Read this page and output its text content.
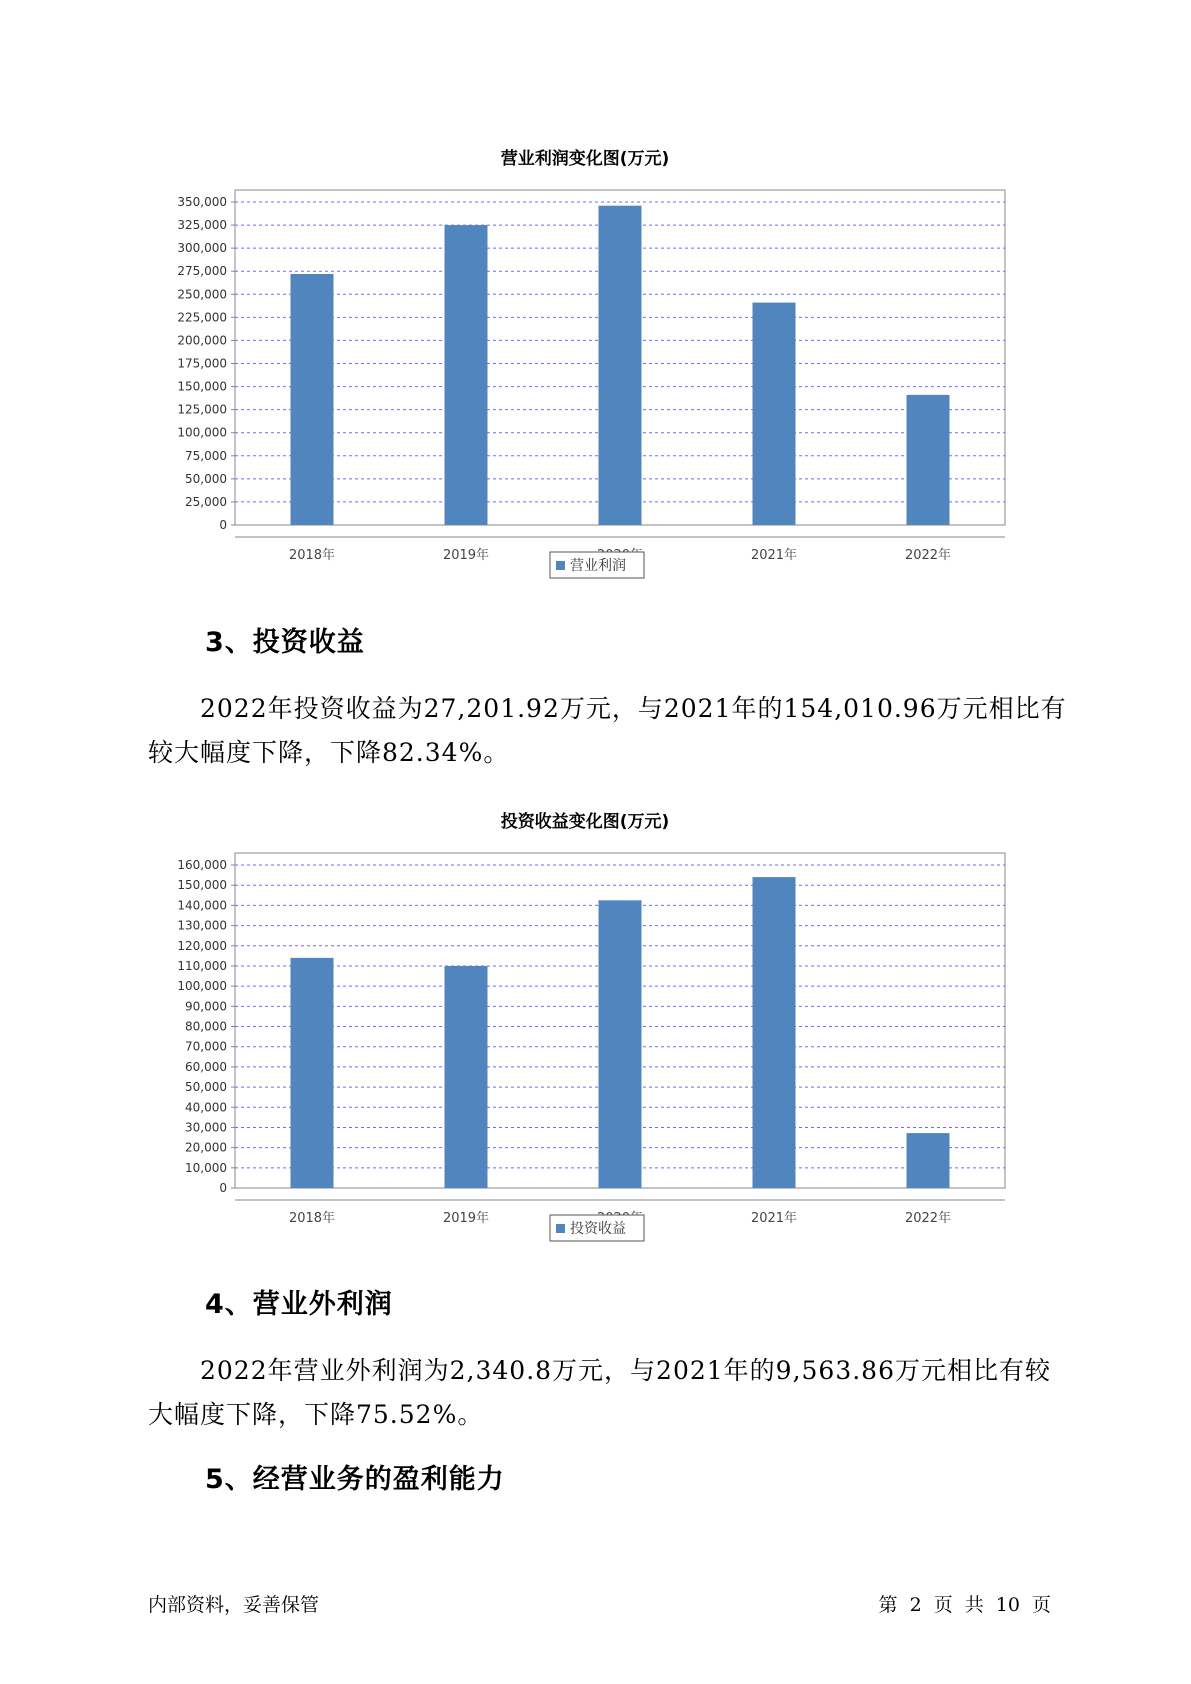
营业利润变化图(万元)
0
25,000
50,000
75,000
100,000
125,000
150,000
175,000
200,000
225,000
250,000
275,000
300,000
325,000
350,000
2018年	2019年	2021年	2022年
营业利润
3、投资收益
2022年投资收益为27,201.92万元，与2021年的154,010.96万元相比有较大幅度下降，下降82.34%。
投资收益变化图(万元)
0
10,000
20,000
30,000
40,000
50,000
60,000
70,000
80,000
90,000
100,000
110,000
120,000
130,000
140,000
150,000
160,000
2018年	2019年	2021年	2022年
投资收益
4、营业外利润
2022年营业外利润为2,340.8万元，与2021年的9,563.86万元相比有较大幅度下降，下降75.52%。
5、经营业务的盈利能力
内部资料，妥善保管	第 2 页 共 10 页
